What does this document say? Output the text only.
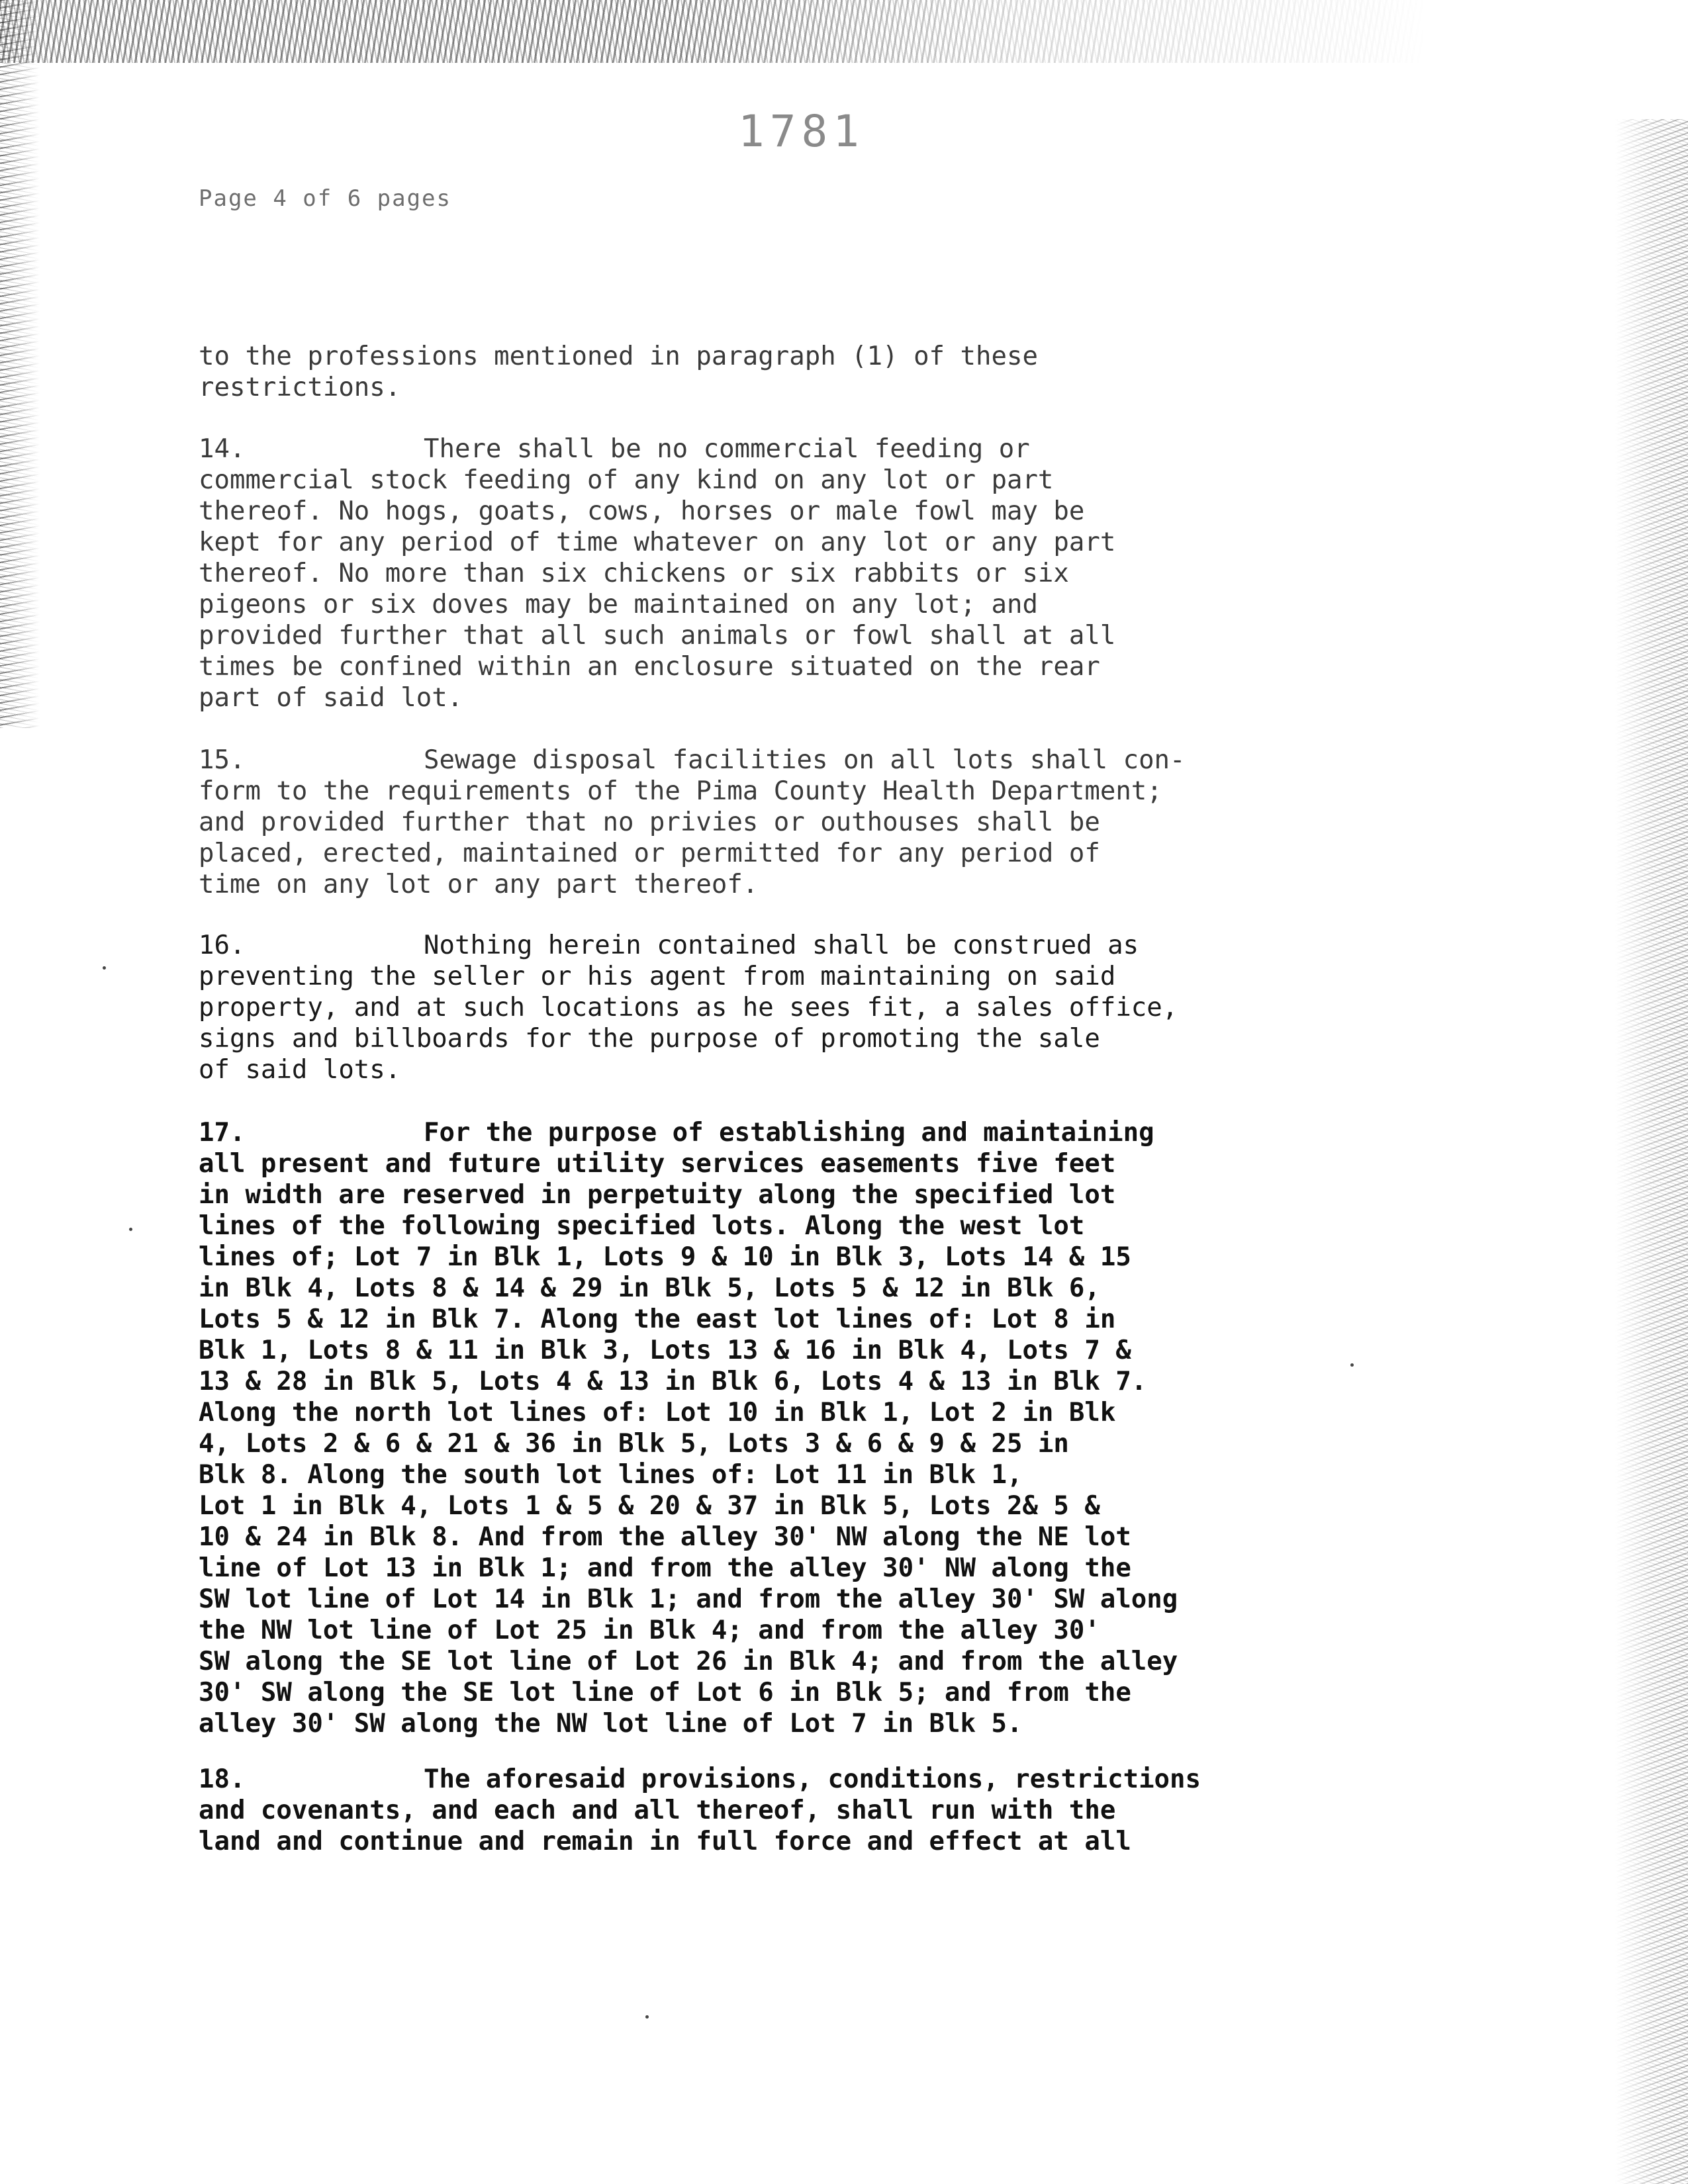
1781
Page 4 of 6 pages

to the professions mentioned in paragraph (1) of these
restrictions.

14.	There shall be no commercial feeding or
commercial stock feeding of any kind on any lot or part
thereof. No hogs, goats, cows, horses or male fowl may be
kept for any period of time whatever on any lot or any part
thereof. No more than six chickens or six rabbits or six
pigeons or six doves may be maintained on any lot; and
provided further that all such animals or fowl shall at all
times be confined within an enclosure situated on the rear
part of said lot.

15.	Sewage disposal facilities on all lots shall con-
form to the requirements of the Pima County Health Department;
and provided further that no privies or outhouses shall be
placed, erected, maintained or permitted for any period of
time on any lot or any part thereof.

16.	Nothing herein contained shall be construed as
preventing the seller or his agent from maintaining on said
property, and at such locations as he sees fit, a sales office,
signs and billboards for the purpose of promoting the sale
of said lots.

17.	For the purpose of establishing and maintaining
all present and future utility services easements five feet
in width are reserved in perpetuity along the specified lot
lines of the following specified lots. Along the west lot
lines of; Lot 7 in Blk 1, Lots 9 & 10 in Blk 3, Lots 14 & 15
in Blk 4, Lots 8 & 14 & 29 in Blk 5, Lots 5 & 12 in Blk 6,
Lots 5 & 12 in Blk 7. Along the east lot lines of: Lot 8 in
Blk 1, Lots 8 & 11 in Blk 3, Lots 13 & 16 in Blk 4, Lots 7 &
13 & 28 in Blk 5, Lots 4 & 13 in Blk 6, Lots 4 & 13 in Blk 7.
Along the north lot lines of: Lot 10 in Blk 1, Lot 2 in Blk
4, Lots 2 & 6 & 21 & 36 in Blk 5, Lots 3 & 6 & 9 & 25 in
Blk 8. Along the south lot lines of: Lot 11 in Blk 1,
Lot 1 in Blk 4, Lots 1 & 5 & 20 & 37 in Blk 5, Lots 2& 5 &
10 & 24 in Blk 8. And from the alley 30' NW along the NE lot
line of Lot 13 in Blk 1; and from the alley 30' NW along the
SW lot line of Lot 14 in Blk 1; and from the alley 30' SW along
the NW lot line of Lot 25 in Blk 4; and from the alley 30'
SW along the SE lot line of Lot 26 in Blk 4; and from the alley
30' SW along the SE lot line of Lot 6 in Blk 5; and from the
alley 30' SW along the NW lot line of Lot 7 in Blk 5.

18.	The aforesaid provisions, conditions, restrictions
and covenants, and each and all thereof, shall run with the
land and continue and remain in full force and effect at all
